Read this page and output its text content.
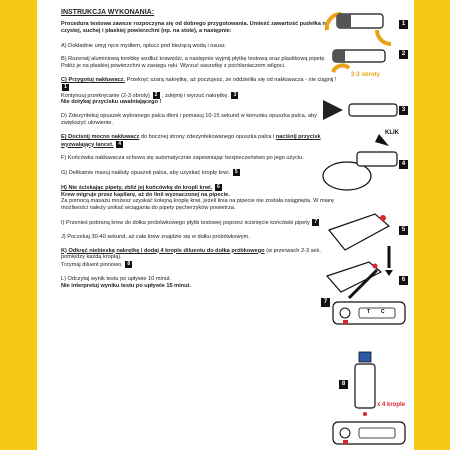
INSTRUKCJA WYKONANIA:
Procedura testowa zawsze rozpoczyna się od dobrego przygotowania. Umieść zawartość pudełka na czystej, suchej i płaskiej powierzchni (np. na stole), a następnie:
A) Dokładnie umyj ręce mydłem, opłucz pod bieżącą wodą i osusz.
B) Rozerwij aluminiową torebkę wzdłuż krawędzi, a następnie wyjmij płytkę testową oraz plastikową pipetę. Połóż je na płaskiej powierzchni w zasięgu ręki. Wyrzuć saszetkę z pochłaniaczem wilgoci.
C) Przygotuj nakłuwacz. Przekręć szarą nakrętkę, aż poczujesz, że oddzieliła się od nakłuwacza - nie ciągnij ! 1
Kontynuuj przekręcanie (2-3 obroty) 2 , zdejmij i wyrzuć nakrętkę. 3
Nie dotykaj przycisku uwalniającego !
D) Zdezynfekuj opuszek wybranego palca dłoni i pomasuj 10-15 sekund w kierunku opuszka palca, aby zwiększyć ukrwienie.
E) Docisnij mocno nakłuwacz do bocznej strony zdezynfekowanego opuszka palca i naciśnij przycisk wyzwalający lancet. 4
F) Końcówka nakłuwacza schowa się automatycznie zapewniając bezpieczeństwo po jego użyciu.
G) Delikatnie masuj nakłuty opuszek palca, aby uzyskać kroplę krwi. 5
H) Nie ściskając pipety, zbliż jej końcówkę do kropli krwi. 6
Krew migruje przez kapilarę, aż do linii wyznaczonej na pipecie.
Za pomocą masażu możesz uzyskać kolejną kroplę krwi, jeżeli linia na pipecie nie została osiągnięta. W miarę możliwości należy unikać wciągania do pipety pęcherzyków powietrza.
I) Przenieś pobraną krew do dołka probówkowego płytki testowej poprzez ściśnięcie końcówki pipety 7
J) Poczekaj 30-40 sekund, aż cała krew znajdzie się w dołku probówkowym.
K) Odkręć niebieską nakrętkę i dodaj 4 krople diluentu do dołka próbkowego (w przerwach 2-3 sek. pomiędzy każdą kroplą).
Trzymaj diluent pionowo. 8
L) Odczytaj wynik testu po upływie 10 minut.
Nie interpretuj wyniku testu po upływie 15 minut.
1
2
3
4
5
6
7
8
2-3 obroty
KLIK
x 4 krople
T C
